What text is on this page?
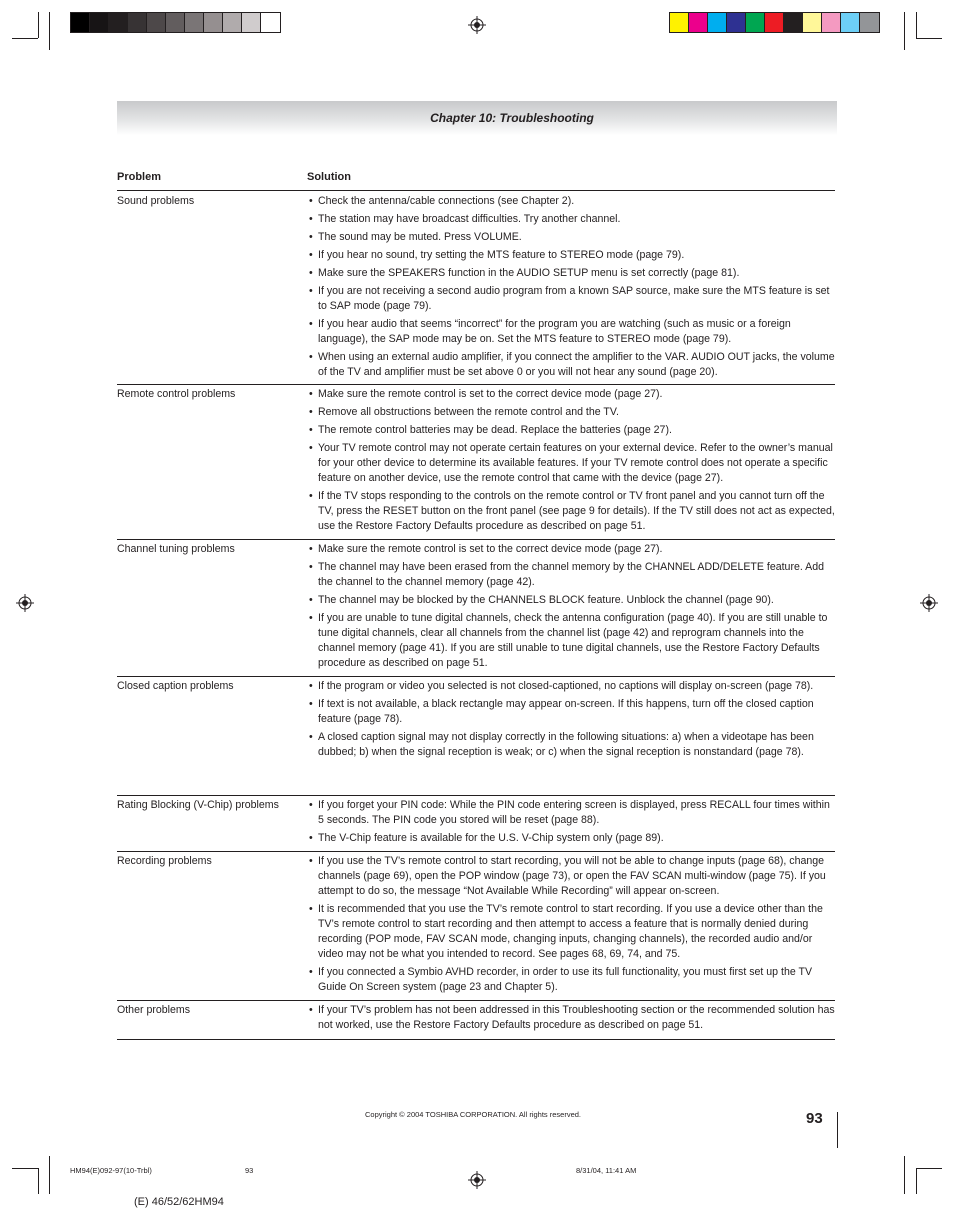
Chapter 10: Troubleshooting
Problem	Solution
Sound problems	• Check the antenna/cable connections (see Chapter 2).
• The station may have broadcast difficulties. Try another channel.
• The sound may be muted. Press VOLUME.
• If you hear no sound, try setting the MTS feature to STEREO mode (page 79).
• Make sure the SPEAKERS function in the AUDIO SETUP menu is set correctly (page 81).
• If you are not receiving a second audio program from a known SAP source, make sure the MTS feature is set to SAP mode (page 79).
• If you hear audio that seems “incorrect” for the program you are watching (such as music or a foreign language), the SAP mode may be on. Set the MTS feature to STEREO mode (page 79).
• When using an external audio amplifier, if you connect the amplifier to the VAR. AUDIO OUT jacks, the volume of the TV and amplifier must be set above 0 or you will not hear any sound (page 20).
Remote control problems	• Make sure the remote control is set to the correct device mode (page 27).
• Remove all obstructions between the remote control and the TV.
• The remote control batteries may be dead. Replace the batteries (page 27).
• Your TV remote control may not operate certain features on your external device. Refer to the owner’s manual for your other device to determine its available features. If your TV remote control does not operate a specific feature on another device, use the remote control that came with the device (page 27).
• If the TV stops responding to the controls on the remote control or TV front panel and you cannot turn off the TV, press the RESET button on the front panel (see page 9 for details). If the TV still does not act as expected, use the Restore Factory Defaults procedure as described on page 51.
Channel tuning problems	• Make sure the remote control is set to the correct device mode (page 27).
• The channel may have been erased from the channel memory by the CHANNEL ADD/DELETE feature. Add the channel to the channel memory (page 42).
• The channel may be blocked by the CHANNELS BLOCK feature. Unblock the channel (page 90).
• If you are unable to tune digital channels, check the antenna configuration (page 40). If you are still unable to tune digital channels, clear all channels from the channel list (page 42) and reprogram channels into the channel memory (page 41). If you are still unable to tune digital channels, use the Restore Factory Defaults procedure as described on page 51.
Closed caption problems	• If the program or video you selected is not closed-captioned, no captions will display on-screen (page 78).
• If text is not available, a black rectangle may appear on-screen. If this happens, turn off the closed caption feature (page 78).
• A closed caption signal may not display correctly in the following situations: a) when a videotape has been dubbed; b) when the signal reception is weak; or c) when the signal reception is nonstandard (page 78).
Rating Blocking (V-Chip) problems	• If you forget your PIN code: While the PIN code entering screen is displayed, press RECALL four times within 5 seconds. The PIN code you stored will be reset (page 88).
• The V-Chip feature is available for the U.S. V-Chip system only (page 89).
Recording problems	• If you use the TV’s remote control to start recording, you will not be able to change inputs (page 68), change channels (page 69), open the POP window (page 73), or open the FAV SCAN multi-window (page 75). If you attempt to do so, the message “Not Available While Recording” will appear on-screen.
• It is recommended that you use the TV’s remote control to start recording. If you use a device other than the TV’s remote control to start recording and then attempt to access a feature that is normally denied during recording (POP mode, FAV SCAN mode, changing inputs, changing channels), the recorded audio and/or video may not be what you intended to record. See pages 68, 69, 74, and 75.
• If you connected a Symbio AVHD recorder, in order to use its full functionality, you must first set up the TV Guide On Screen system (page 23 and Chapter 5).
Other problems	• If your TV’s problem has not been addressed in this Troubleshooting section or the recommended solution has not worked, use the Restore Factory Defaults procedure as described on page 51.
Copyright © 2004 TOSHIBA CORPORATION. All rights reserved.	93
HM94(E)092-97(10-Trbl)	93	8/31/04, 11:41 AM
(E) 46/52/62HM94
